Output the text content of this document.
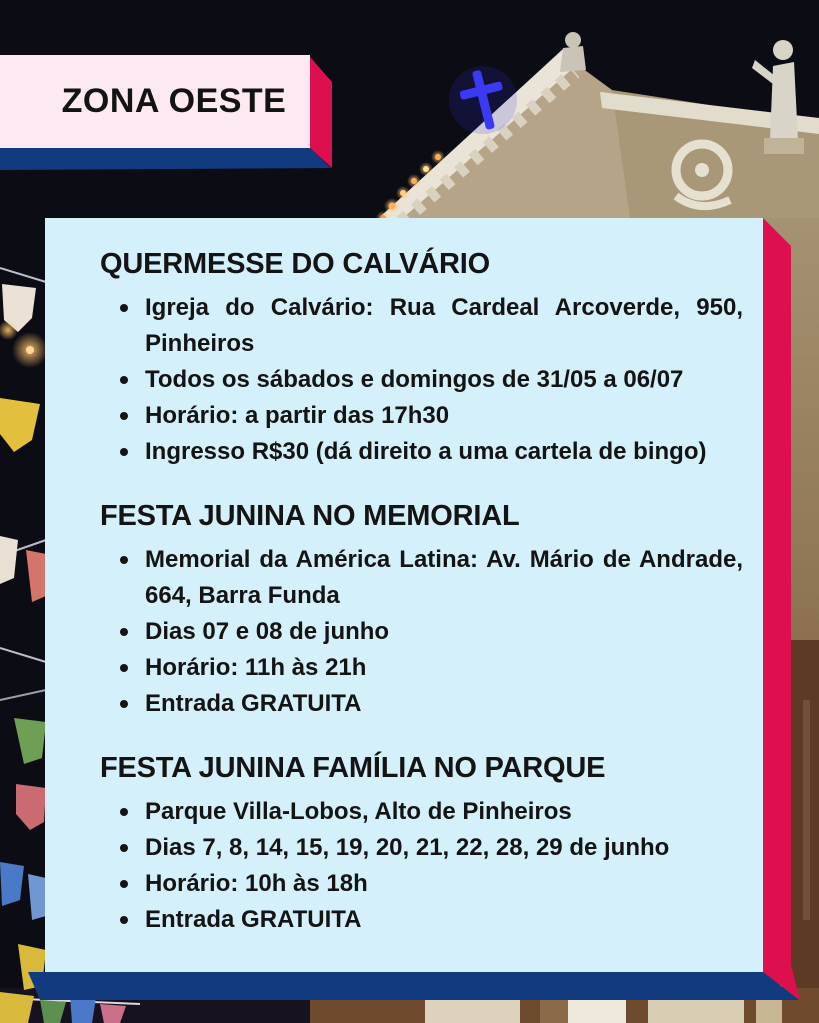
ZONA OESTE
QUERMESSE DO CALVÁRIO
Igreja do Calvário: Rua Cardeal Arcoverde, 950, Pinheiros
Todos os sábados e domingos de 31/05 a 06/07
Horário: a partir das 17h30
Ingresso R$30 (dá direito a uma cartela de bingo)
FESTA JUNINA NO MEMORIAL
Memorial da América Latina: Av. Mário de Andrade, 664, Barra Funda
Dias 07 e 08 de junho
Horário: 11h às 21h
Entrada GRATUITA
FESTA JUNINA FAMÍLIA NO PARQUE
Parque Villa-Lobos, Alto de Pinheiros
Dias 7, 8, 14, 15, 19, 20, 21, 22, 28, 29 de junho
Horário: 10h às 18h
Entrada GRATUITA
